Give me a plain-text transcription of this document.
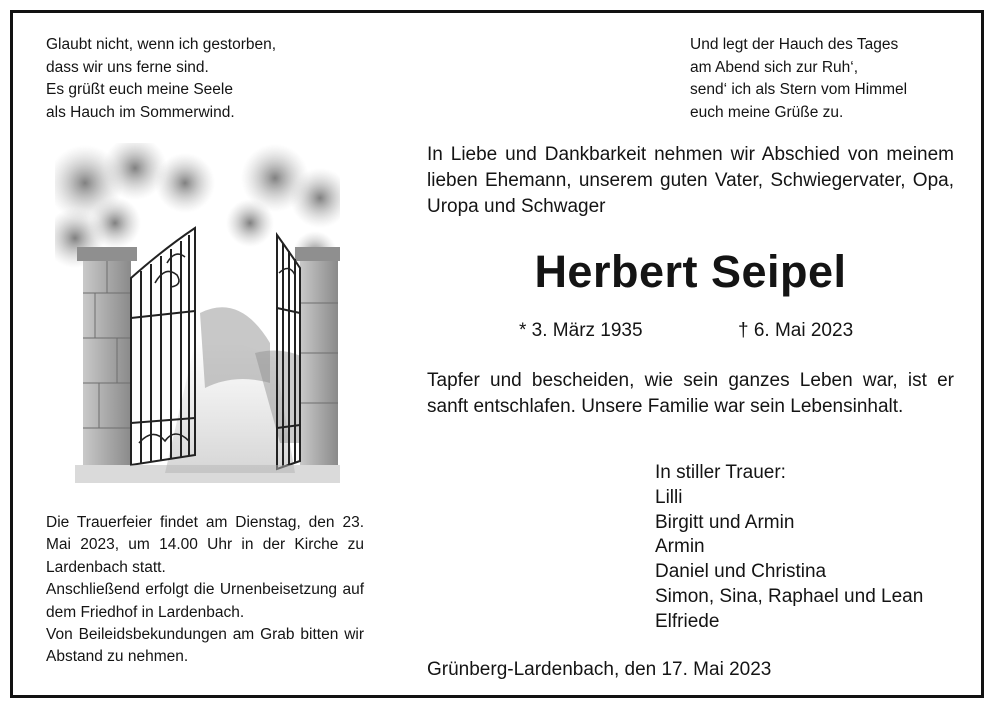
Glaubt nicht, wenn ich gestorben,
dass wir uns ferne sind.
Es grüßt euch meine Seele
als Hauch im Sommerwind.
Und legt der Hauch des Tages
am Abend sich zur Ruh‘,
send‘ ich als Stern vom Himmel
euch meine Grüße zu.
In Liebe und Dankbarkeit nehmen wir Abschied von meinem lieben Ehemann, unserem guten Vater, Schwiegervater, Opa, Uropa und Schwager
Herbert Seipel
* 3. März 1935	† 6. Mai 2023
Tapfer und bescheiden, wie sein ganzes Leben war, ist er sanft entschlafen. Unsere Familie war sein Lebensinhalt.
In stiller Trauer:
Lilli
Birgitt und Armin
Armin
Daniel und Christina
Simon, Sina, Raphael und Lean
Elfriede
Grünberg-Lardenbach, den 17. Mai 2023

Die Trauerfeier findet am Dienstag, den 23. Mai 2023, um 14.00 Uhr in der Kirche zu Lardenbach statt.

Anschließend erfolgt die Urnenbeisetzung auf dem Friedhof in Lardenbach.

Von Beileidsbekundungen am Grab bitten wir Abstand zu nehmen.
